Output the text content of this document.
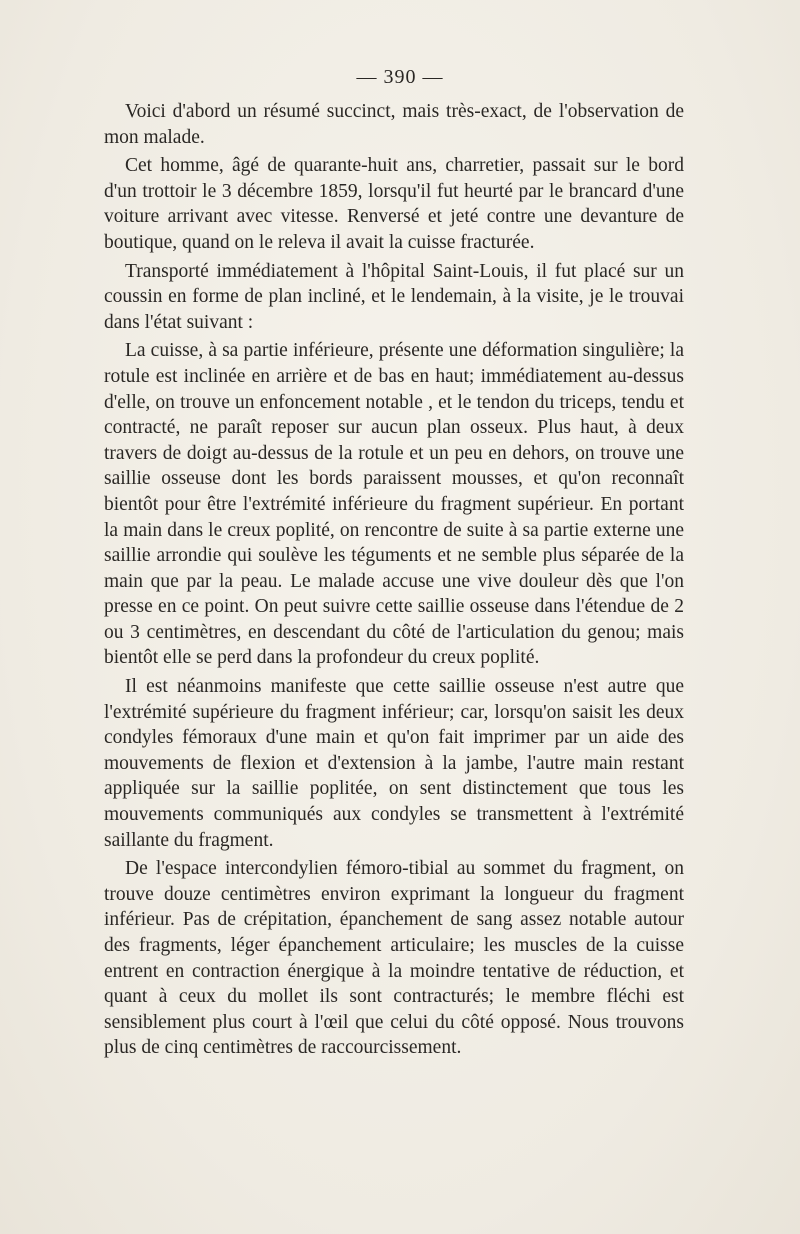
— 390 —

Voici d'abord un résumé succinct, mais très-exact, de l'observation de mon malade.

Cet homme, âgé de quarante-huit ans, charretier, passait sur le bord d'un trottoir le 3 décembre 1859, lorsqu'il fut heurté par le brancard d'une voiture arrivant avec vitesse. Renversé et jeté contre une devanture de boutique, quand on le releva il avait la cuisse fracturée.

Transporté immédiatement à l'hôpital Saint-Louis, il fut placé sur un coussin en forme de plan incliné, et le lendemain, à la visite, je le trouvai dans l'état suivant :

La cuisse, à sa partie inférieure, présente une déformation singulière; la rotule est inclinée en arrière et de bas en haut; immédiatement au-dessus d'elle, on trouve un enfoncement notable , et le tendon du triceps, tendu et contracté, ne paraît reposer sur aucun plan osseux. Plus haut, à deux travers de doigt au-dessus de la rotule et un peu en dehors, on trouve une saillie osseuse dont les bords paraissent mousses, et qu'on reconnaît bientôt pour être l'extrémité inférieure du fragment supérieur. En portant la main dans le creux poplité, on rencontre de suite à sa partie externe une saillie arrondie qui soulève les téguments et ne semble plus séparée de la main que par la peau. Le malade accuse une vive douleur dès que l'on presse en ce point. On peut suivre cette saillie osseuse dans l'étendue de 2 ou 3 centimètres, en descendant du côté de l'articulation du genou; mais bientôt elle se perd dans la profondeur du creux poplité.

Il est néanmoins manifeste que cette saillie osseuse n'est autre que l'extrémité supérieure du fragment inférieur; car, lorsqu'on saisit les deux condyles fémoraux d'une main et qu'on fait imprimer par un aide des mouvements de flexion et d'extension à la jambe, l'autre main restant appliquée sur la saillie poplitée, on sent distinctement que tous les mouvements communiqués aux condyles se transmettent à l'extrémité saillante du fragment.

De l'espace intercondylien fémoro-tibial au sommet du fragment, on trouve douze centimètres environ exprimant la longueur du fragment inférieur. Pas de crépitation, épanchement de sang assez notable autour des fragments, léger épanchement articulaire; les muscles de la cuisse entrent en contraction énergique à la moindre tentative de réduction, et quant à ceux du mollet ils sont contracturés; le membre fléchi est sensiblement plus court à l'œil que celui du côté opposé. Nous trouvons plus de cinq centimètres de raccourcissement.
